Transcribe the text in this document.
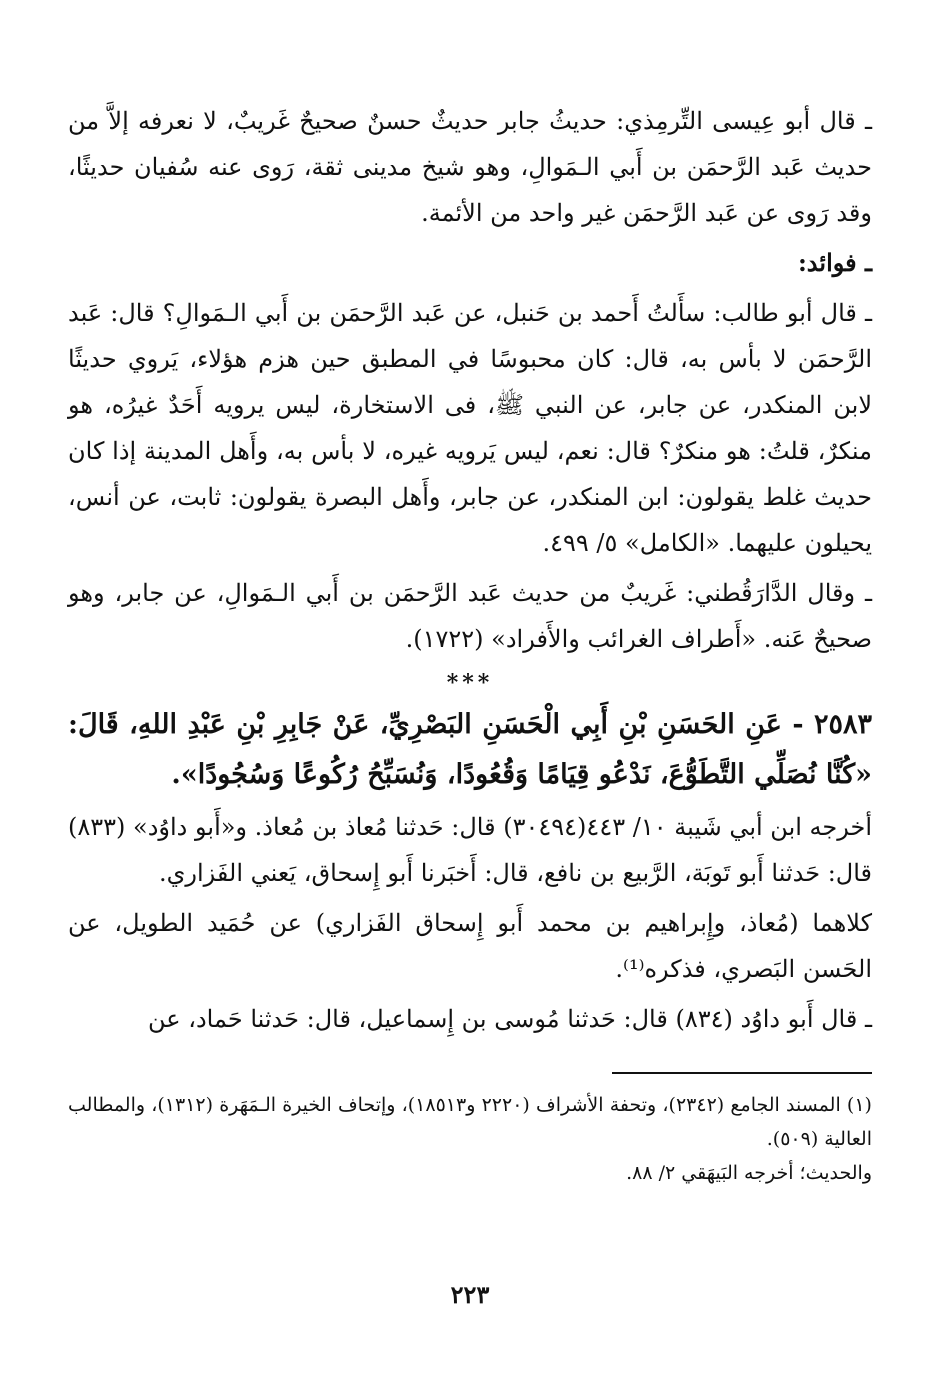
ـ قال أبو عِيسى التِّرمِذي: حديثُ جابر حديثٌ حسنٌ صحيحٌ غَريبٌ، لا نعرفه إلاَّ من حديث عَبد الرَّحمَن بن أَبي الـمَوالِ، وهو شيخ مدينى ثقة، رَوى عنه سُفيان حديثًا، وقد رَوى عن عَبد الرَّحمَن غير واحد من الأئمة.

ـ فوائد:

ـ قال أبو طالب: سأَلتُ أَحمد بن حَنبل، عن عَبد الرَّحمَن بن أَبي الـمَوالِ؟ قال: عَبد الرَّحمَن لا بأس به، قال: كان محبوسًا في المطبق حين هزم هؤلاء، يَروي حديثًا لابن المنكدر، عن جابر، عن النبي ﷺ، فى الاستخارة، ليس يرويه أَحَدٌ غيرُه، هو منكرٌ، قلتُ: هو منكرٌ؟ قال: نعم، ليس يَرويه غيره، لا بأس به، وأَهل المدينة إذا كان حديث غلط يقولون: ابن المنكدر، عن جابر، وأَهل البصرة يقولون: ثابت، عن أنس، يحيلون عليهما. «الكامل» ٥/ ٤٩٩.

ـ وقال الدَّارَقُطني: غَريبٌ من حديث عَبد الرَّحمَن بن أَبي الـمَوالِ، عن جابر، وهو صحيحٌ عَنه. «أَطراف الغرائب والأَفراد» (١٧٢٢).

***

٢٥٨٣ - عَنِ الحَسَنِ بْنِ أَبِي الْحَسَنِ البَصْرِيِّ، عَنْ جَابِرِ بْنِ عَبْدِ اللهِ، قَالَ: «كُنَّا نُصَلِّي التَّطَوُّعَ، نَدْعُو قِيَامًا وَقُعُودًا، وَنُسَبِّحُ رُكُوعًا وَسُجُودًا».

أخرجه ابن أبي شَيبة ١٠/ ٤٤٣(٣٠٤٩٤) قال: حَدثنا مُعاذ بن مُعاذ. و«أَبو داوُد» (٨٣٣) قال: حَدثنا أَبو تَوبَة، الرَّبيع بن نافع، قال: أَخبَرنا أَبو إِسحاق، يَعني الفَزاري.

كلاهما (مُعاذ، وإِبراهيم بن محمد أَبو إِسحاق الفَزاري) عن حُمَيد الطويل، عن الحَسن البَصري، فذكره⁽¹⁾.

ـ قال أَبو داوُد (٨٣٤) قال: حَدثنا مُوسى بن إِسماعيل، قال: حَدثنا حَماد، عن

(١) المسند الجامع (٢٣٤٢)، وتحفة الأشراف (٢٢٢٠ و١٨٥١٣)، وإتحاف الخيرة الـمَهَرة (١٣١٢)، والمطالب العالية (٥٠٩).

والحديث؛ أخرجه البَيهَقي ٢/ ٨٨.

٢٢٣
